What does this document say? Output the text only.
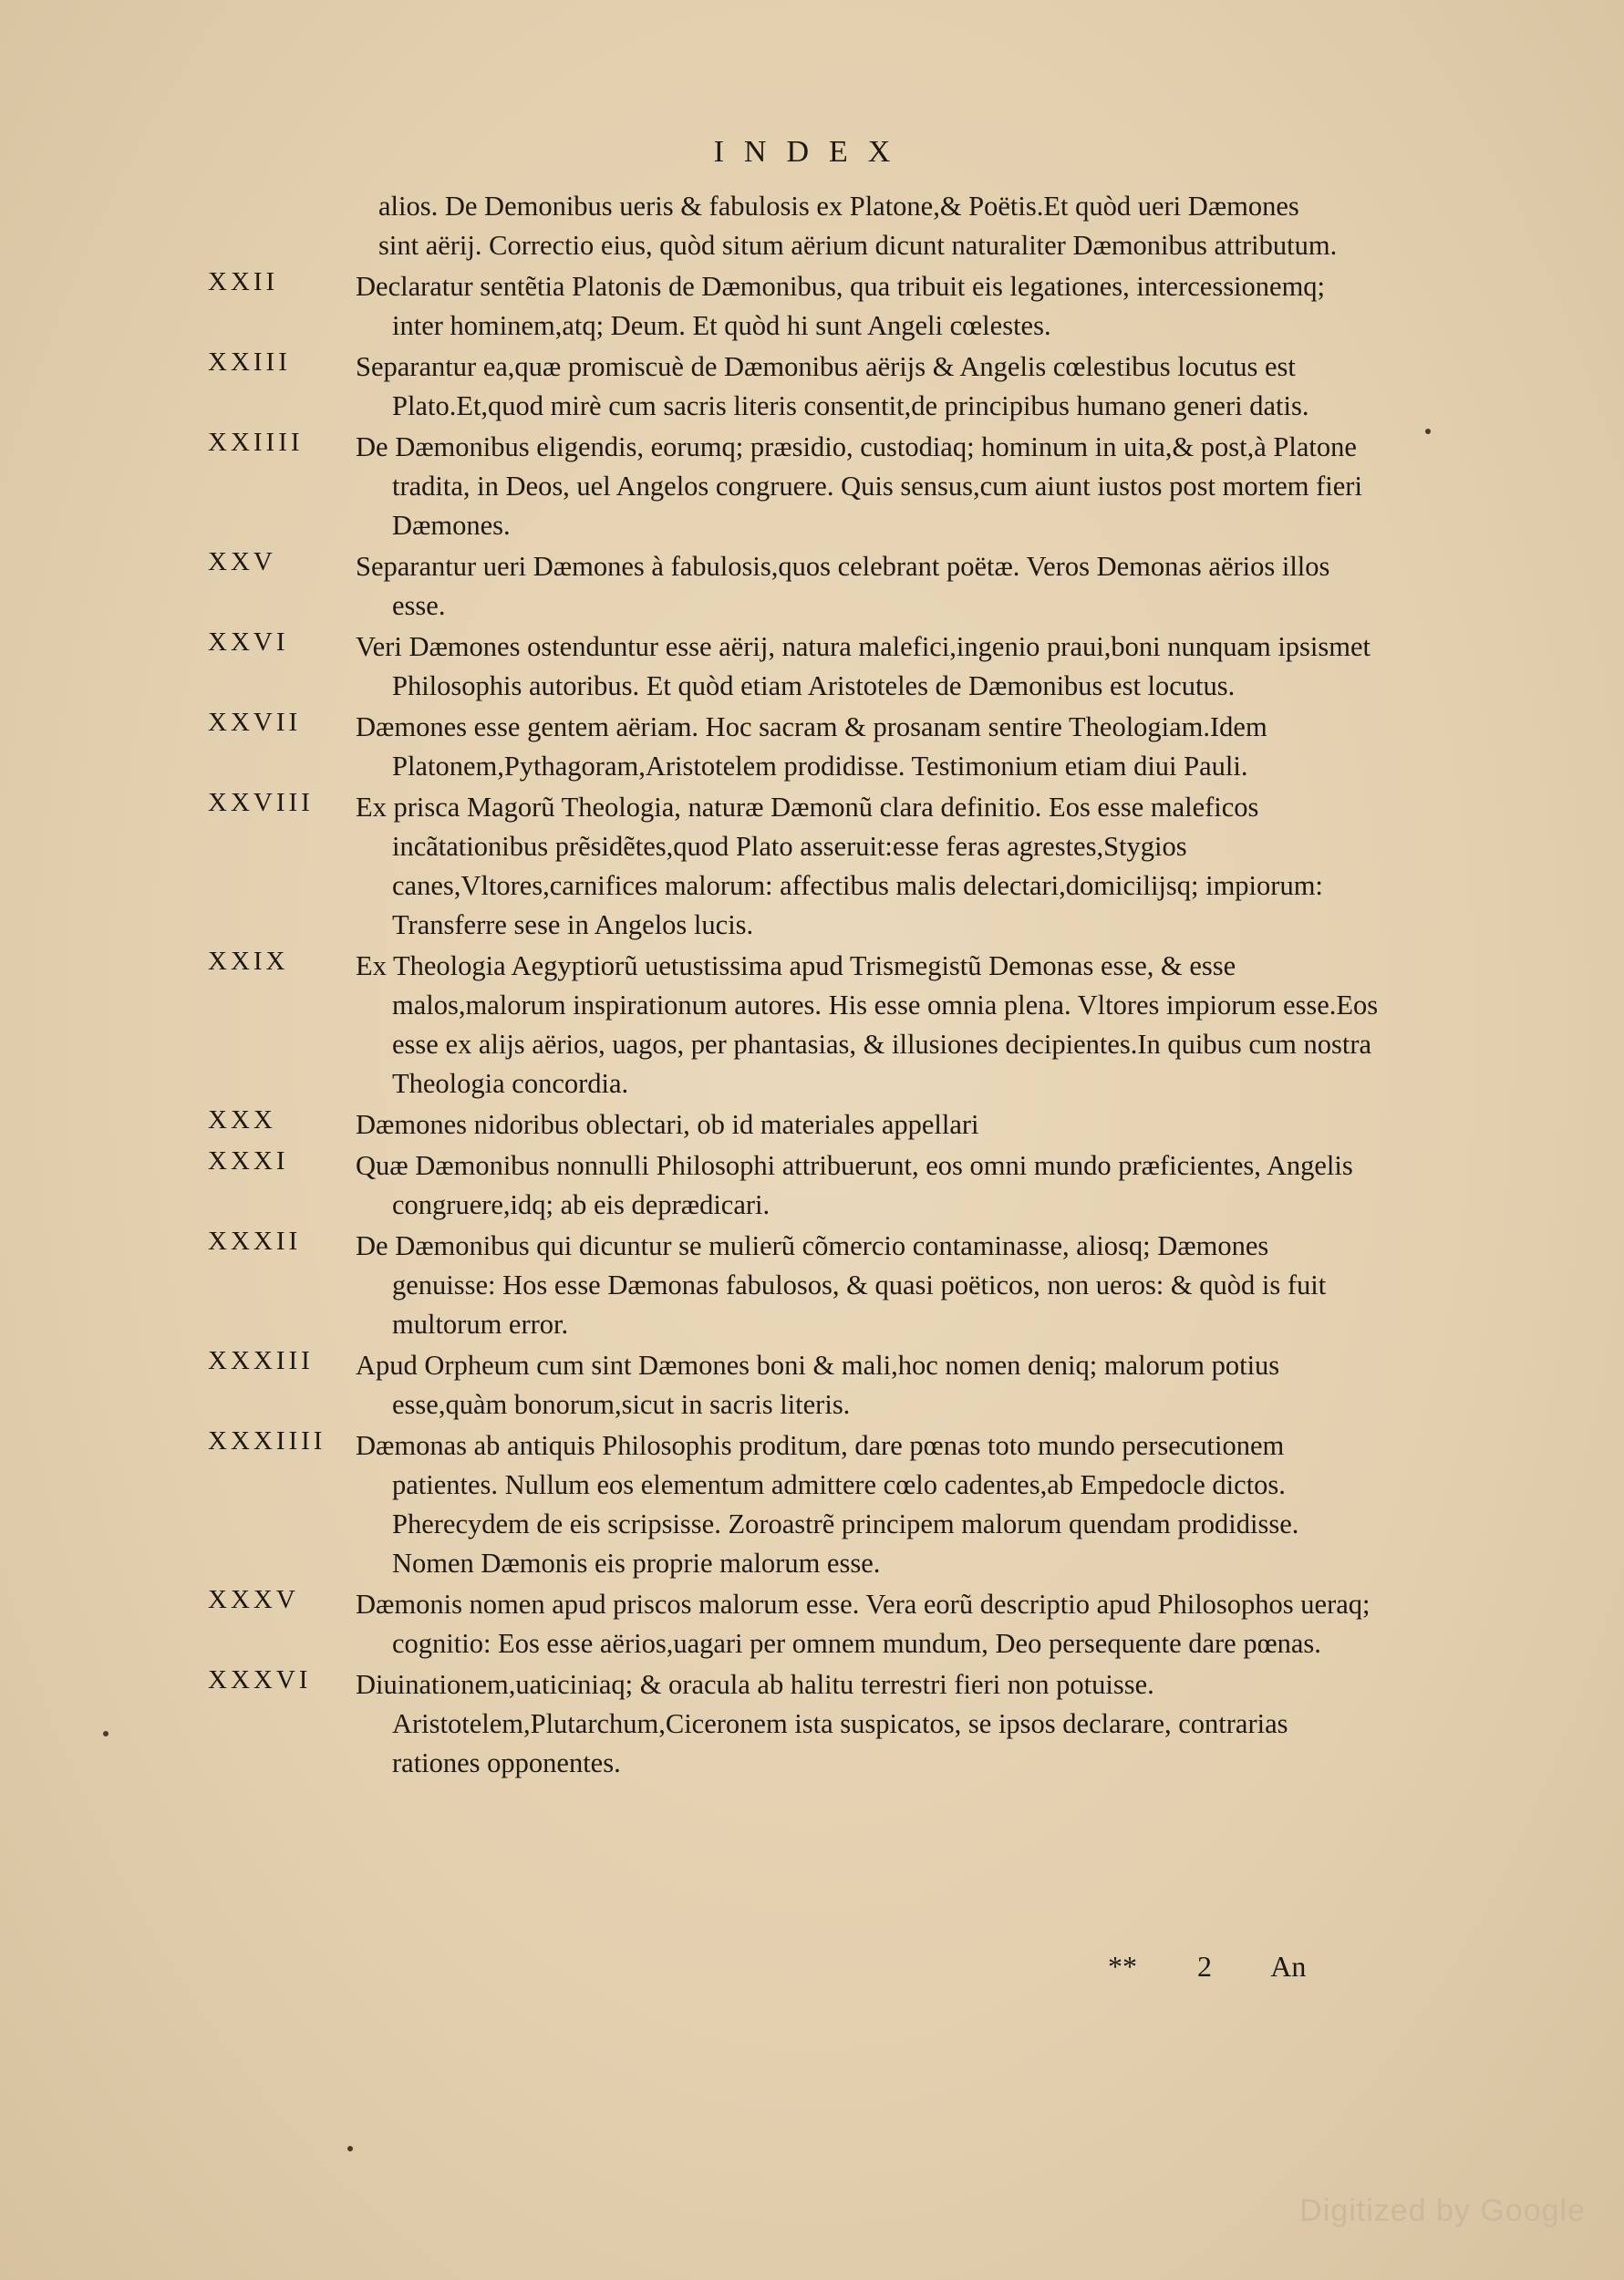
INDEX
alios. De Demonibus ueris & fabulosis ex Platone,& Poëtis.Et quòd ueri Dæmones sint aërij. Correctio eius, quòd situm aërium dicunt naturaliter Dæmonibus attributum.
XXII	Declaratur sentẽtia Platonis de Dæmonibus, qua tribuit eis legationes, intercessionemq; inter hominem,atq; Deum. Et quòd hi sunt Angeli cœlestes.
XXIII Separantur ea,quæ promiscuè de Dæmonibus aërijs & Angelis cœlestibus locutus est Plato.Et,quod mirè cum sacris literis consentit,de principibus humano generi datis.
XXIIII De Dæmonibus eligendis, eorumq; præsidio, custodiaq; hominum in uita,& post,à Platone tradita, in Deos, uel Angelos congruere. Quis sensus,cum aiunt iustos post mortem fieri Dæmones.
XXV	Separantur ueri Dæmones à fabulosis,quos celebrant poëtæ. Veros Demonas aërios illos esse.
XXVI Veri Dæmones ostenduntur esse aërij, natura malefici,ingenio praui,boni nunquam ipsismet Philosophis autoribus. Et quòd etiam Aristoteles de Dæmonibus est locutus.
XXVII Dæmones esse gentem aëriam. Hoc sacram & prosanam sentire Theologiam.Idem Platonem,Pythagoram,Aristotelem prodidisse. Testimonium etiam diui Pauli.
XXVIII Ex prisca Magorũ Theologia, naturæ Dæmonũ clara definitio. Eos esse maleficos incãtationibus prẽsidẽtes,quod Plato asseruit:esse feras agrestes,Stygios canes,Vltores,carnifices malorum: affectibus malis delectari,domicilijsq; impiorum: Transferre sese in Angelos lucis.
XXIX Ex Theologia Aegyptiorũ uetustissima apud Trismegistũ Demonas esse, & esse malos,malorum inspirationum autores. His esse omnia plena. Vltores impiorum esse.Eos esse ex alijs aërios, uagos, per phantasias, & illusiones decipientes.In quibus cum nostra Theologia concordia.
XXX	Dæmones nidoribus oblectari, ob id materiales appellari
XXXI Quæ Dæmonibus nonnulli Philosophi attribuerunt, eos omni mundo præficientes, Angelis congruere,idq; ab eis deprædicari.
XXXII De Dæmonibus qui dicuntur se mulierũ cõmercio contaminasse, aliosq; Dæmones genuisse: Hos esse Dæmonas fabulosos, & quasi poëticos, non ueros: & quòd is fuit multorum error.
XXXIII Apud Orpheum cum sint Dæmones boni & mali,hoc nomen deniq; malorum potius esse,quàm bonorum,sicut in sacris literis.
XXXIIII Dæmonas ab antiquis Philosophis proditum, dare pœnas toto mundo persecutionem patientes. Nullum eos elementum admittere cœlo cadentes,ab Empedocle dictos. Pherecydem de eis scripsisse. Zoroastrẽ principem malorum quendam prodidisse. Nomen Dæmonis eis proprie malorum esse.
XXXV Dæmonis nomen apud priscos malorum esse. Vera eorũ descriptio apud Philosophos ueraq; cognitio: Eos esse aërios,uagari per omnem mundum, Deo persequente dare pœnas.
XXXVI Diuinationem,uaticiniaq; & oracula ab halitu terrestri fieri non potuisse. Aristotelem,Plutarchum,Ciceronem ista suspicatos, se ipsos declarare, contrarias rationes opponentes.
** 2 An
Digitized by Google
